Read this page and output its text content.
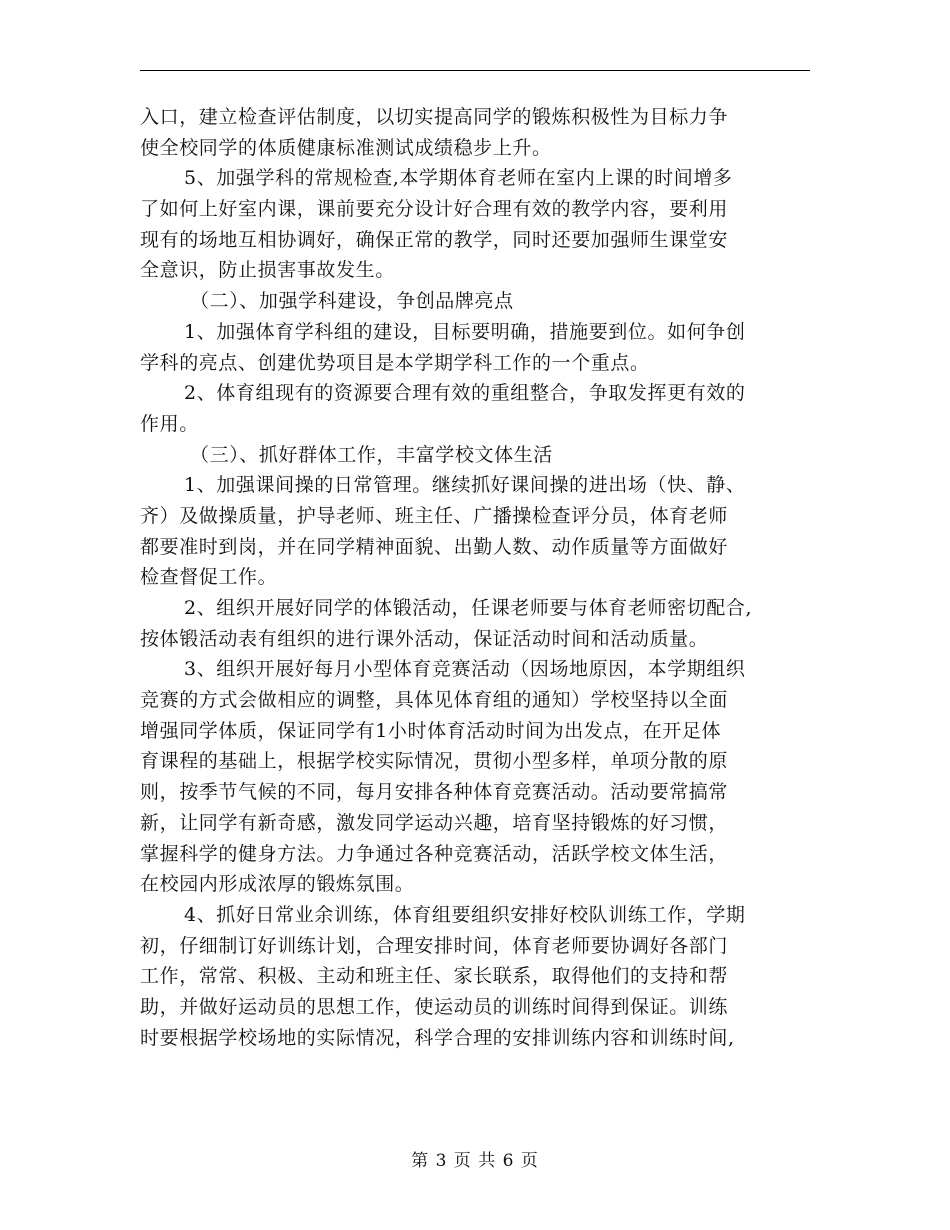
入口，建立检查评估制度，以切实提高同学的锻炼积极性为目标力争
使全校同学的体质健康标准测试成绩稳步上升。
5、加强学科的常规检查,本学期体育老师在室内上课的时间增多
了如何上好室内课，课前要充分设计好合理有效的教学内容，要利用
现有的场地互相协调好，确保正常的教学，同时还要加强师生课堂安
全意识，防止损害事故发生。
（二）、加强学科建设，争创品牌亮点
1、加强体育学科组的建设，目标要明确，措施要到位。如何争创
学科的亮点、创建优势项目是本学期学科工作的一个重点。
2、体育组现有的资源要合理有效的重组整合，争取发挥更有效的
作用。
（三）、抓好群体工作，丰富学校文体生活
1、加强课间操的日常管理。继续抓好课间操的进出场（快、静、
齐）及做操质量，护导老师、班主任、广播操检查评分员，体育老师
都要准时到岗，并在同学精神面貌、出勤人数、动作质量等方面做好
检查督促工作。
2、组织开展好同学的体锻活动，任课老师要与体育老师密切配合,
按体锻活动表有组织的进行课外活动，保证活动时间和活动质量。
3、组织开展好每月小型体育竞赛活动（因场地原因，本学期组织
竞赛的方式会做相应的调整，具体见体育组的通知）学校坚持以全面
增强同学体质，保证同学有1小时体育活动时间为出发点，在开足体
育课程的基础上，根据学校实际情况，贯彻小型多样，单项分散的原
则，按季节气候的不同，每月安排各种体育竞赛活动。活动要常搞常
新，让同学有新奇感，激发同学运动兴趣，培育坚持锻炼的好习惯，
掌握科学的健身方法。力争通过各种竞赛活动，活跃学校文体生活，
在校园内形成浓厚的锻炼氛围。
4、抓好日常业余训练，体育组要组织安排好校队训练工作，学期
初，仔细制订好训练计划，合理安排时间，体育老师要协调好各部门
工作，常常、积极、主动和班主任、家长联系，取得他们的支持和帮
助，并做好运动员的思想工作，使运动员的训练时间得到保证。训练
时要根据学校场地的实际情况，科学合理的安排训练内容和训练时间,
第 3 页 共 6 页
